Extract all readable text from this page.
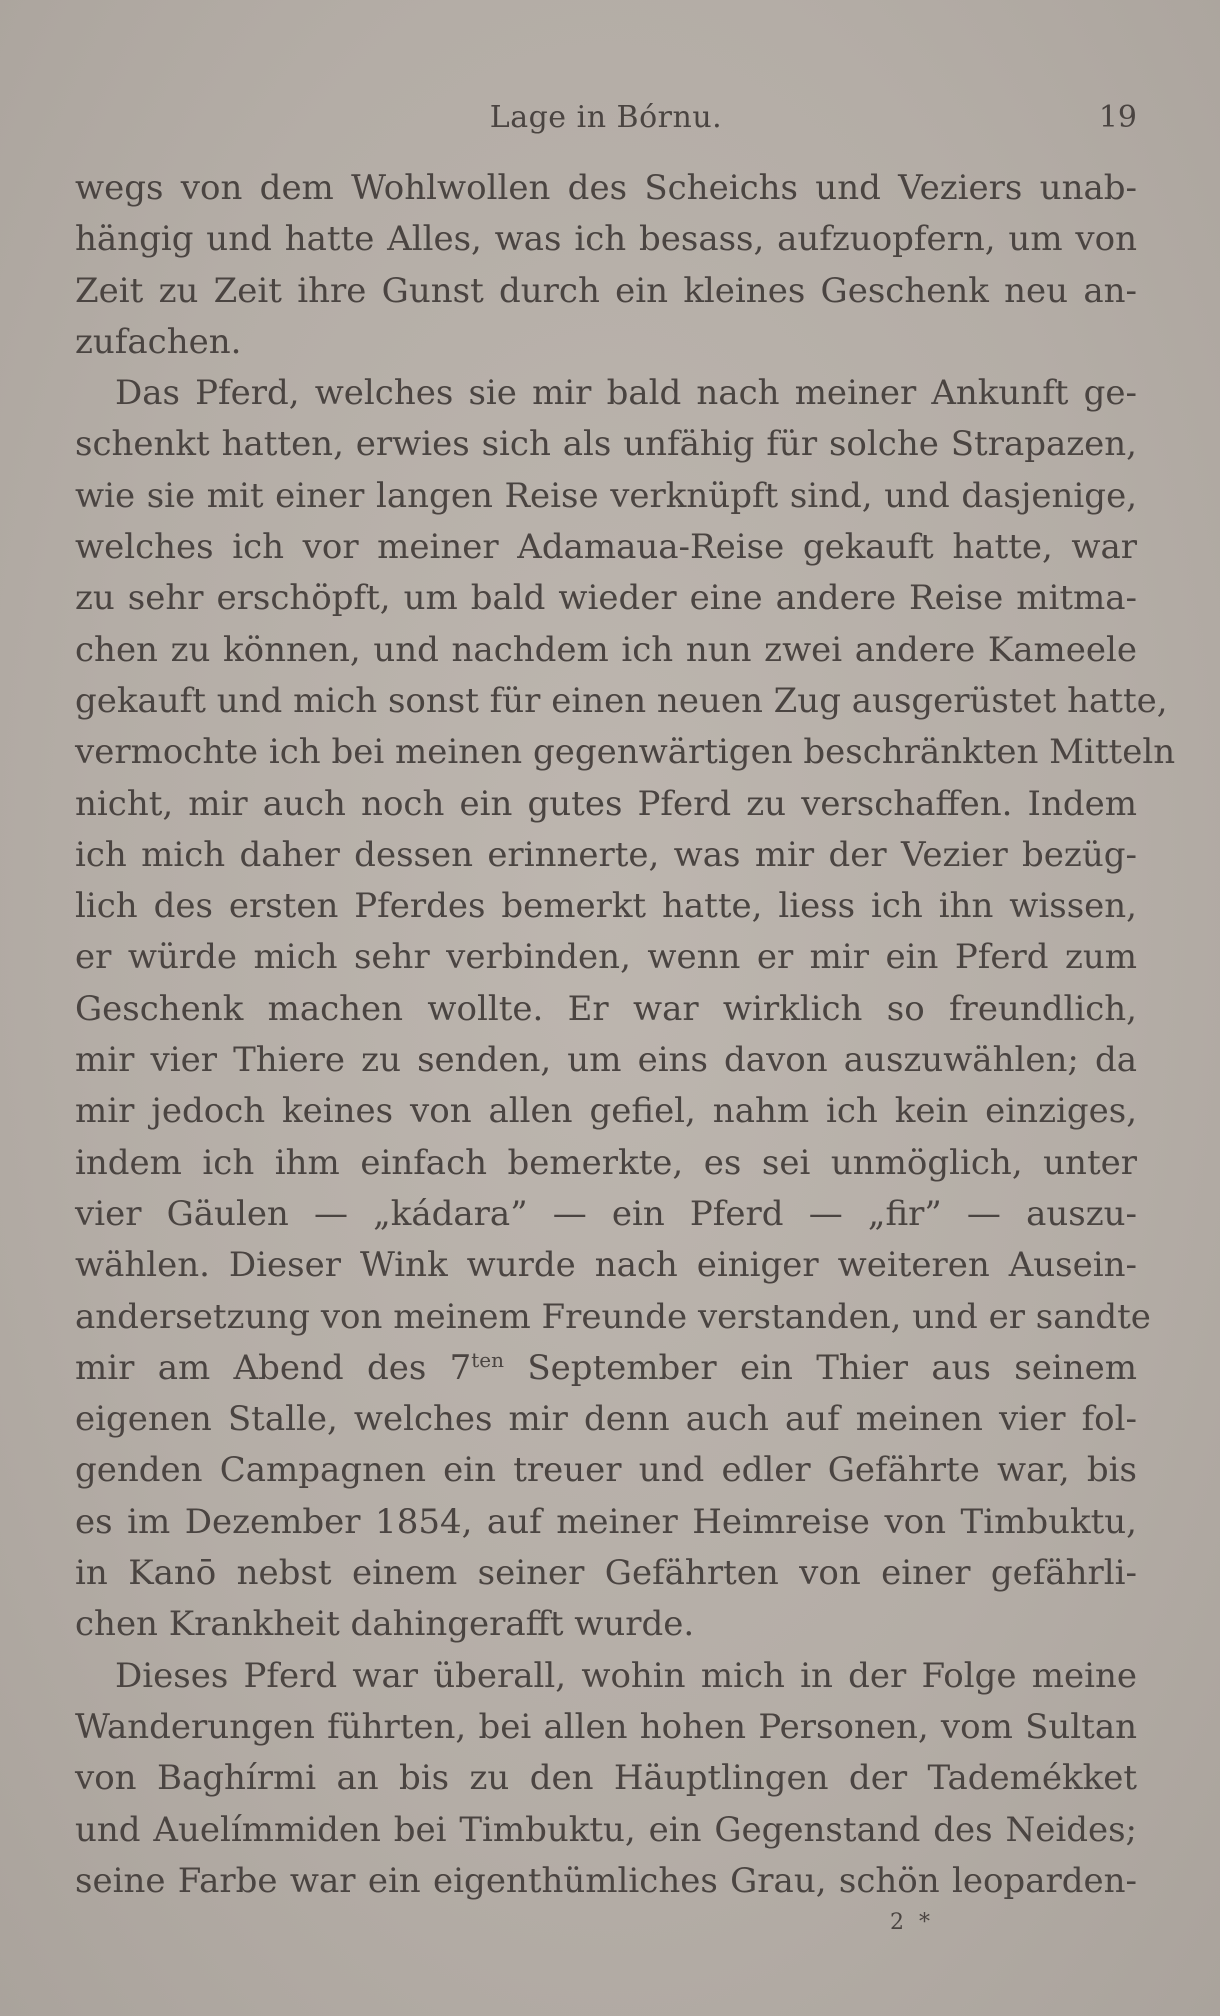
Lage in Bórnu.	19
wegs von dem Wohlwollen des Scheichs und Veziers unab-
hängig und hatte Alles, was ich besass, aufzuopfern, um von
Zeit zu Zeit ihre Gunst durch ein kleines Geschenk neu an-
zufachen.
Das Pferd, welches sie mir bald nach meiner Ankunft ge-
schenkt hatten, erwies sich als unfähig für solche Strapazen,
wie sie mit einer langen Reise verknüpft sind, und dasjenige,
welches ich vor meiner Adamaua-Reise gekauft hatte, war
zu sehr erschöpft, um bald wieder eine andere Reise mitma-
chen zu können, und nachdem ich nun zwei andere Kameele
gekauft und mich sonst für einen neuen Zug ausgerüstet hatte,
vermochte ich bei meinen gegenwärtigen beschränkten Mitteln
nicht, mir auch noch ein gutes Pferd zu verschaffen. Indem
ich mich daher dessen erinnerte, was mir der Vezier bezüg-
lich des ersten Pferdes bemerkt hatte, liess ich ihn wissen,
er würde mich sehr verbinden, wenn er mir ein Pferd zum
Geschenk machen wollte. Er war wirklich so freundlich,
mir vier Thiere zu senden, um eins davon auszuwählen; da
mir jedoch keines von allen gefiel, nahm ich kein einziges,
indem ich ihm einfach bemerkte, es sei unmöglich, unter
vier Gäulen — „kádara” — ein Pferd — „fir” — auszu-
wählen. Dieser Wink wurde nach einiger weiteren Ausein-
andersetzung von meinem Freunde verstanden, und er sandte
mir am Abend des $7^{ten}$ September ein Thier aus seinem
eigenen Stalle, welches mir denn auch auf meinen vier fol-
genden Campagnen ein treuer und edler Gefährte war, bis
es im Dezember 1854, auf meiner Heimreise von Timbuktu,
in Kanō nebst einem seiner Gefährten von einer gefährli-
chen Krankheit dahingerafft wurde.
Dieses Pferd war überall, wohin mich in der Folge meine
Wanderungen führten, bei allen hohen Personen, vom Sultan
von Baghírmi an bis zu den Häuptlingen der Tademékket
und Auelímmiden bei Timbuktu, ein Gegenstand des Neides;
seine Farbe war ein eigenthümliches Grau, schön leoparden-
2 *
